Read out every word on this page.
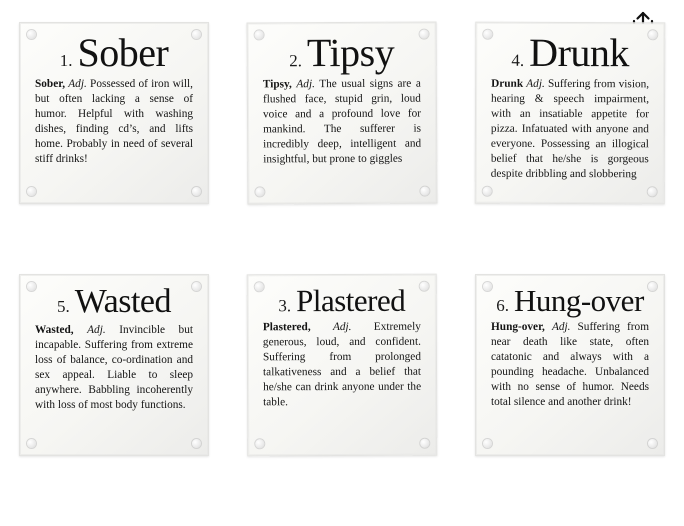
1. Sober
Sober, Adj. Possessed of iron will, but often lacking a sense of humor. Helpful with washing dishes, finding cd’s, and lifts home. Probably in need of several stiff drinks!
2. Tipsy
Tipsy, Adj. The usual signs are a flushed face, stupid grin, loud voice and a profound love for mankind. The sufferer is incredibly deep, intelligent and insightful, but prone to giggles
4. Drunk
Drunk Adj. Suffering from vision, hearing & speech impairment, with an insatiable appetite for pizza. Infatuated with anyone and everyone. Possessing an illogical belief that he/she is gorgeous despite dribbling and slobbering
5. Wasted
Wasted, Adj. Invincible but incapable. Suffering from extreme loss of balance, co-ordination and sex appeal. Liable to sleep anywhere. Babbling incoherently with loss of most body functions.
3. Plastered
Plastered, Adj. Extremely generous, loud, and confident. Suffering from prolonged talkativeness and a belief that he/she can drink anyone under the table.
6. Hung-over
Hung-over, Adj. Suffering from near death like state, often catatonic and always with a pounding headache. Unbalanced with no sense of humor. Needs total silence and another drink!
